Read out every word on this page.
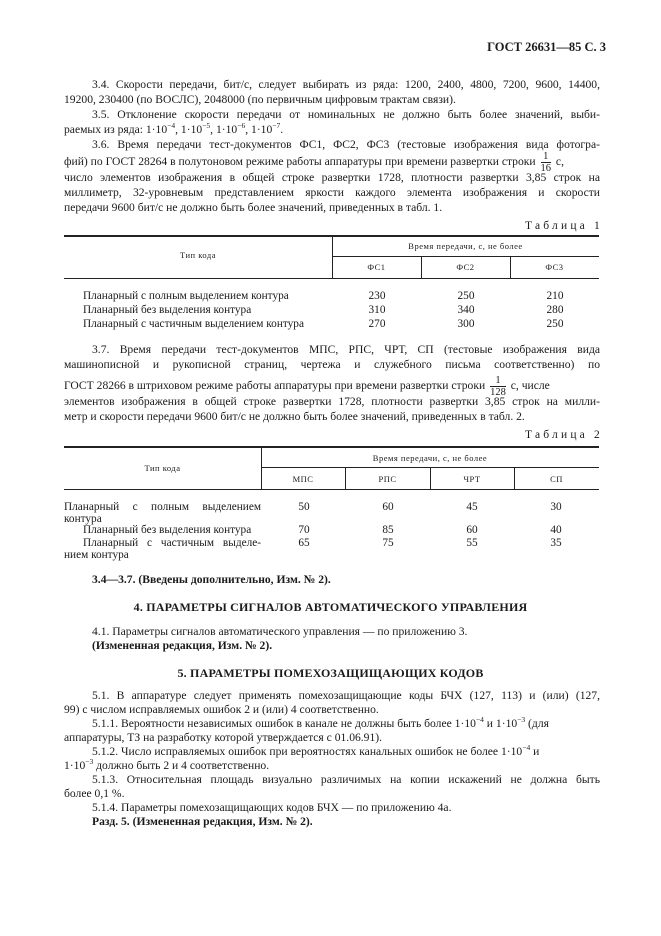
ГОСТ 26631—85 С. 3
3.4. Скорости передачи, бит/с, следует выбирать из ряда: 1200, 2400, 4800, 7200, 9600, 14400,
19200, 230400 (по ВОСЛС), 2048000 (по первичным цифровым трактам связи).
3.5. Отклонение скорости передачи от номинальных не должно быть более значений, выби-
раемых из ряда: $1\cdot 10^{-4}$, $1\cdot 10^{-5}$, $1\cdot 10^{-6}$, $1\cdot 10^{-7}$.
3.6. Время передачи тест-документов ФС1, ФС2, ФС3 (тестовые изображения вида фотогра-
фий) по ГОСТ 28264 в полутоновом режиме работы аппаратуры при времени развертки строки $\frac{1}{16} с$,
число элементов изображения в общей строке развертки 1728, плотности развертки 3,85 строк на
миллиметр, 32-уровневым представлением яркости каждого элемента изображения и скорости
передачи 9600 бит/с не должно быть более значений, приведенных в табл. 1.
Таблица 1
Тип кода
Время передачи, с, не более
ФС1	ФС2	ФС3
Планарный с полным выделением контура	230	250	210
Планарный без выделения контура	310	340	280
Планарный с частичным выделением контура	270	300	250
3.7. Время передачи тест-документов МПС, РПС, ЧРТ, СП (тестовые изображения вида
машинописной и рукописной страниц, чертежа и служебного письма соответственно) по
ГОСТ 28266 в штриховом режиме работы аппаратуры при времени развертки строки $\frac{1}{128} с$, числе
элементов изображения в общей строке развертки 1728, плотности развертки 3,85 строк на милли-
метр и скорости передачи 9600 бит/с не должно быть более значений, приведенных в табл. 2.
Таблица 2
Тип кода
Время передачи, с, не более
МПС	РПС	ЧРТ	СП
Планарный с полным выделением
контура
50	60	45	30
Планарный без выделения контура	70	85	60	40
Планарный с частичным выделе-
нием контура
65	75	55	35
3.4—3.7. (Введены дополнительно, Изм. № 2).
4. ПАРАМЕТРЫ СИГНАЛОВ АВТОМАТИЧЕСКОГО УПРАВЛЕНИЯ
4.1. Параметры сигналов автоматического управления — по приложению 3.
(Измененная редакция, Изм. № 2).
5. ПАРАМЕТРЫ ПОМЕХОЗАЩИЩАЮЩИХ КОДОВ
5.1. В аппаратуре следует применять помехозащищающие коды БЧХ (127, 113) и (или) (127,
99) с числом исправляемых ошибок 2 и (или) 4 соответственно.
5.1.1. Вероятности независимых ошибок в канале не должны быть более $1\cdot 10^{-4}$ и $1\cdot 10^{-3}$ (для
аппаратуры, ТЗ на разработку которой утверждается с 01.06.91).
5.1.2. Число исправляемых ошибок при вероятностях канальных ошибок не более $1\cdot 10^{-4}$ и
$1\cdot 10^{-3}$ должно быть 2 и 4 соответственно.
5.1.3. Относительная площадь визуально различимых на копии искажений не должна быть
более 0,1 %.
5.1.4. Параметры помехозащищающих кодов БЧХ — по приложению 4а.
Разд. 5. (Измененная редакция, Изм. № 2).
